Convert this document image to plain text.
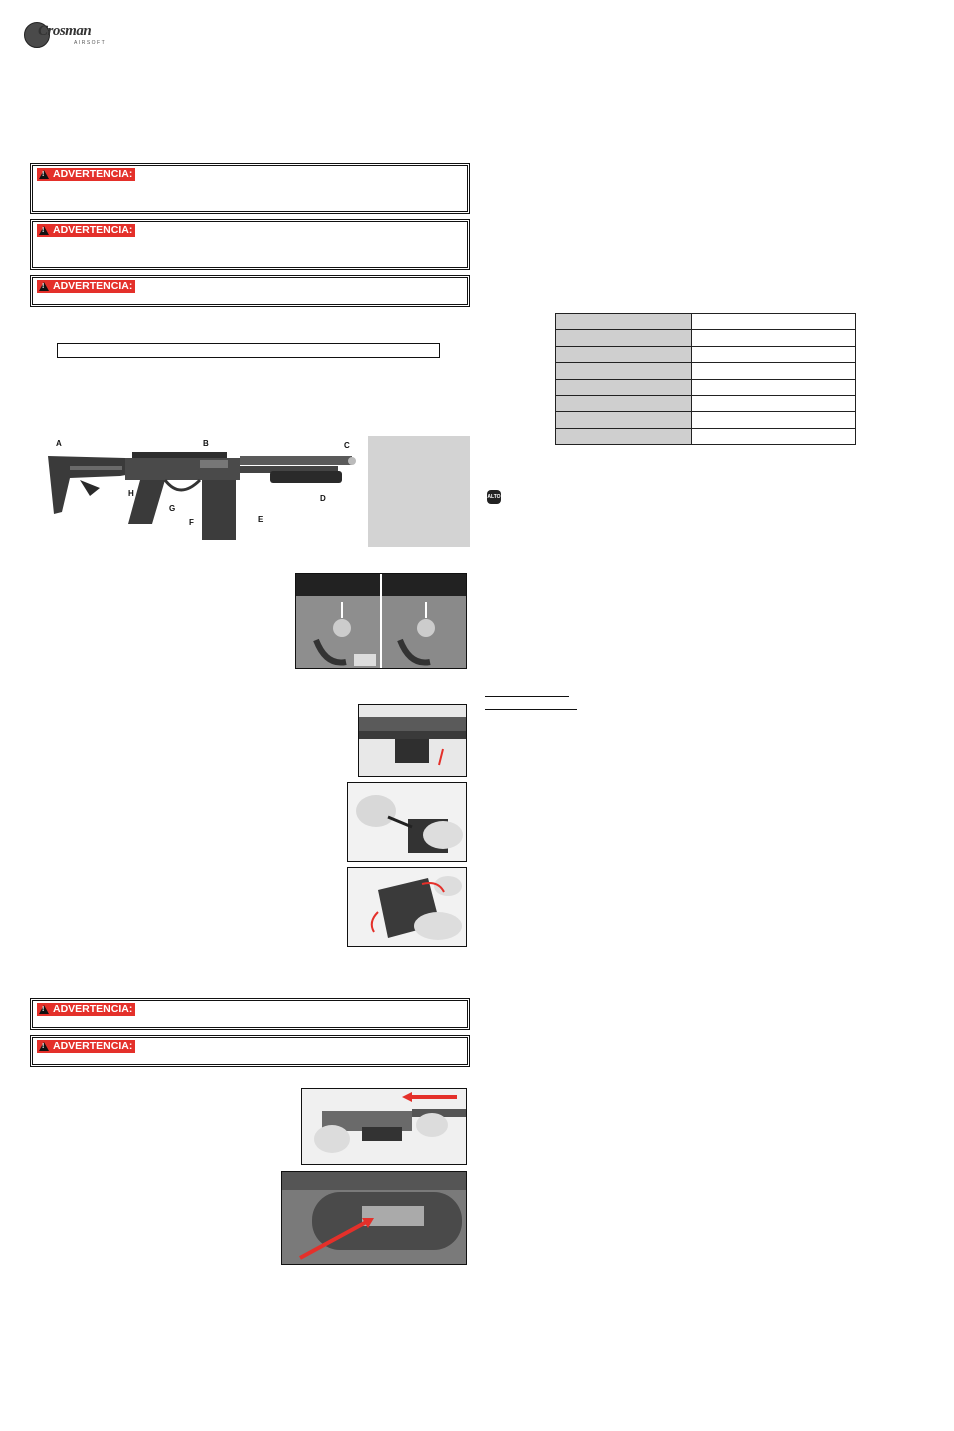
Crosman
AIRSOFT
!
ADVERTENCIA:
!
ADVERTENCIA:
!
ADVERTENCIA:
A	B	C
D
E
F
G
H
!
ADVERTENCIA:
!
ADVERTENCIA:

ALTO
